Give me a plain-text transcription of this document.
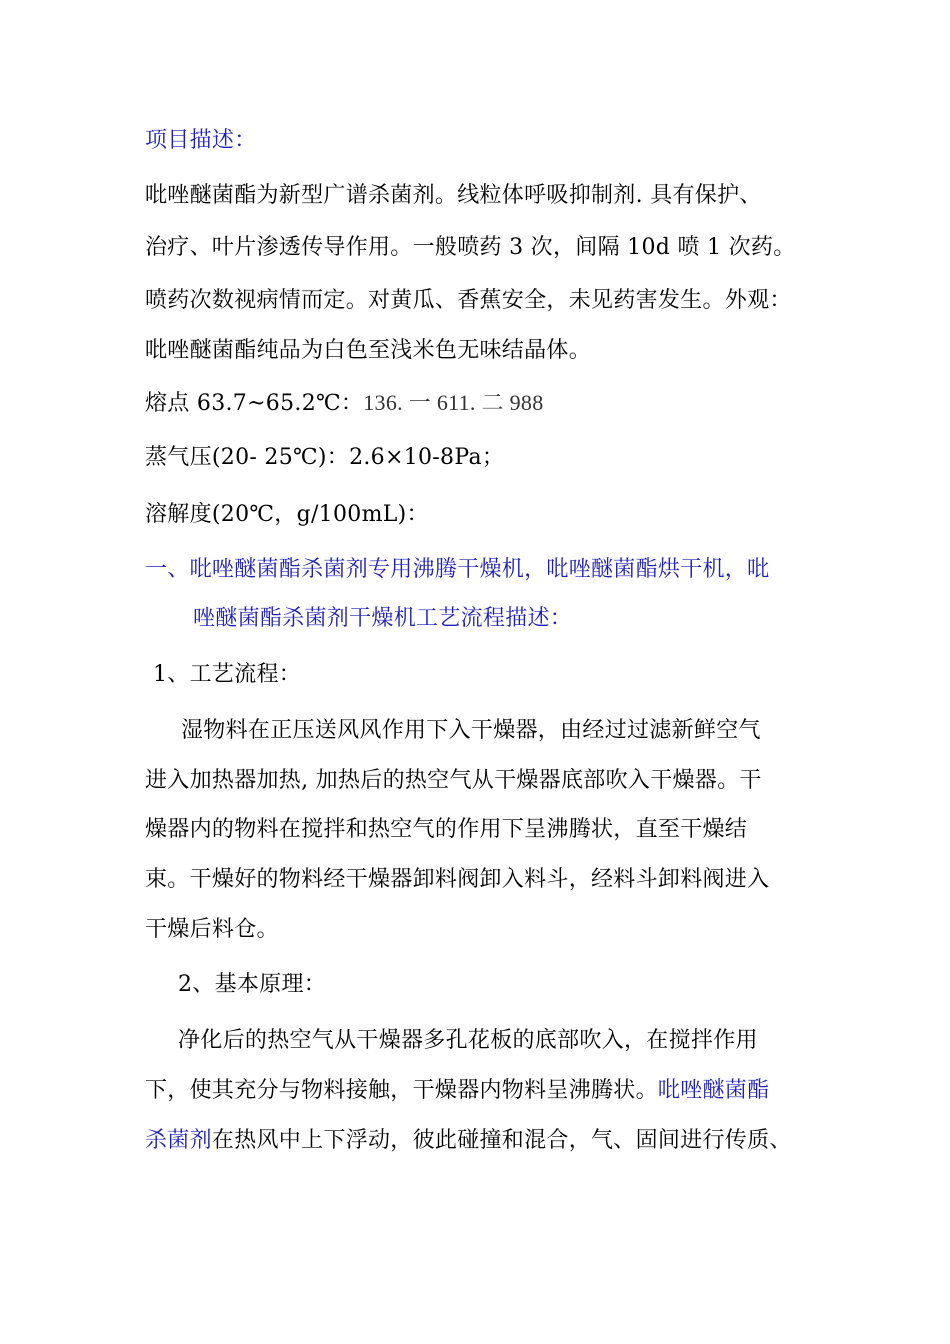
项目描述：
吡唑醚菌酯为新型广谱杀菌剂。线粒体呼吸抑制剂. 具有保护、
治疗、叶片渗透传导作用。一般喷药 3 次，间隔 10d 喷 1 次药。
喷药次数视病情而定。对黄瓜、香蕉安全，未见药害发生。外观：
吡唑醚菌酯纯品为白色至浅米色无味结晶体。
熔点 63.7~65.2℃：136. 一 611. 二 988
蒸气压(20- 25℃)：2.6×10-8Pa；
溶解度(20℃，g/100mL)：
一、吡唑醚菌酯杀菌剂专用沸腾干燥机，吡唑醚菌酯烘干机，吡
唑醚菌酯杀菌剂干燥机工艺流程描述：
1、工艺流程：
湿物料在正压送风风作用下入干燥器，由经过过滤新鲜空气
进入加热器加热, 加热后的热空气从干燥器底部吹入干燥器。干
燥器内的物料在搅拌和热空气的作用下呈沸腾状，直至干燥结
束。干燥好的物料经干燥器卸料阀卸入料斗，经料斗卸料阀进入
干燥后料仓。
2、基本原理：
净化后的热空气从干燥器多孔花板的底部吹入，在搅拌作用
下，使其充分与物料接触，干燥器内物料呈沸腾状。吡唑醚菌酯
杀菌剂在热风中上下浮动，彼此碰撞和混合，气、固间进行传质、
